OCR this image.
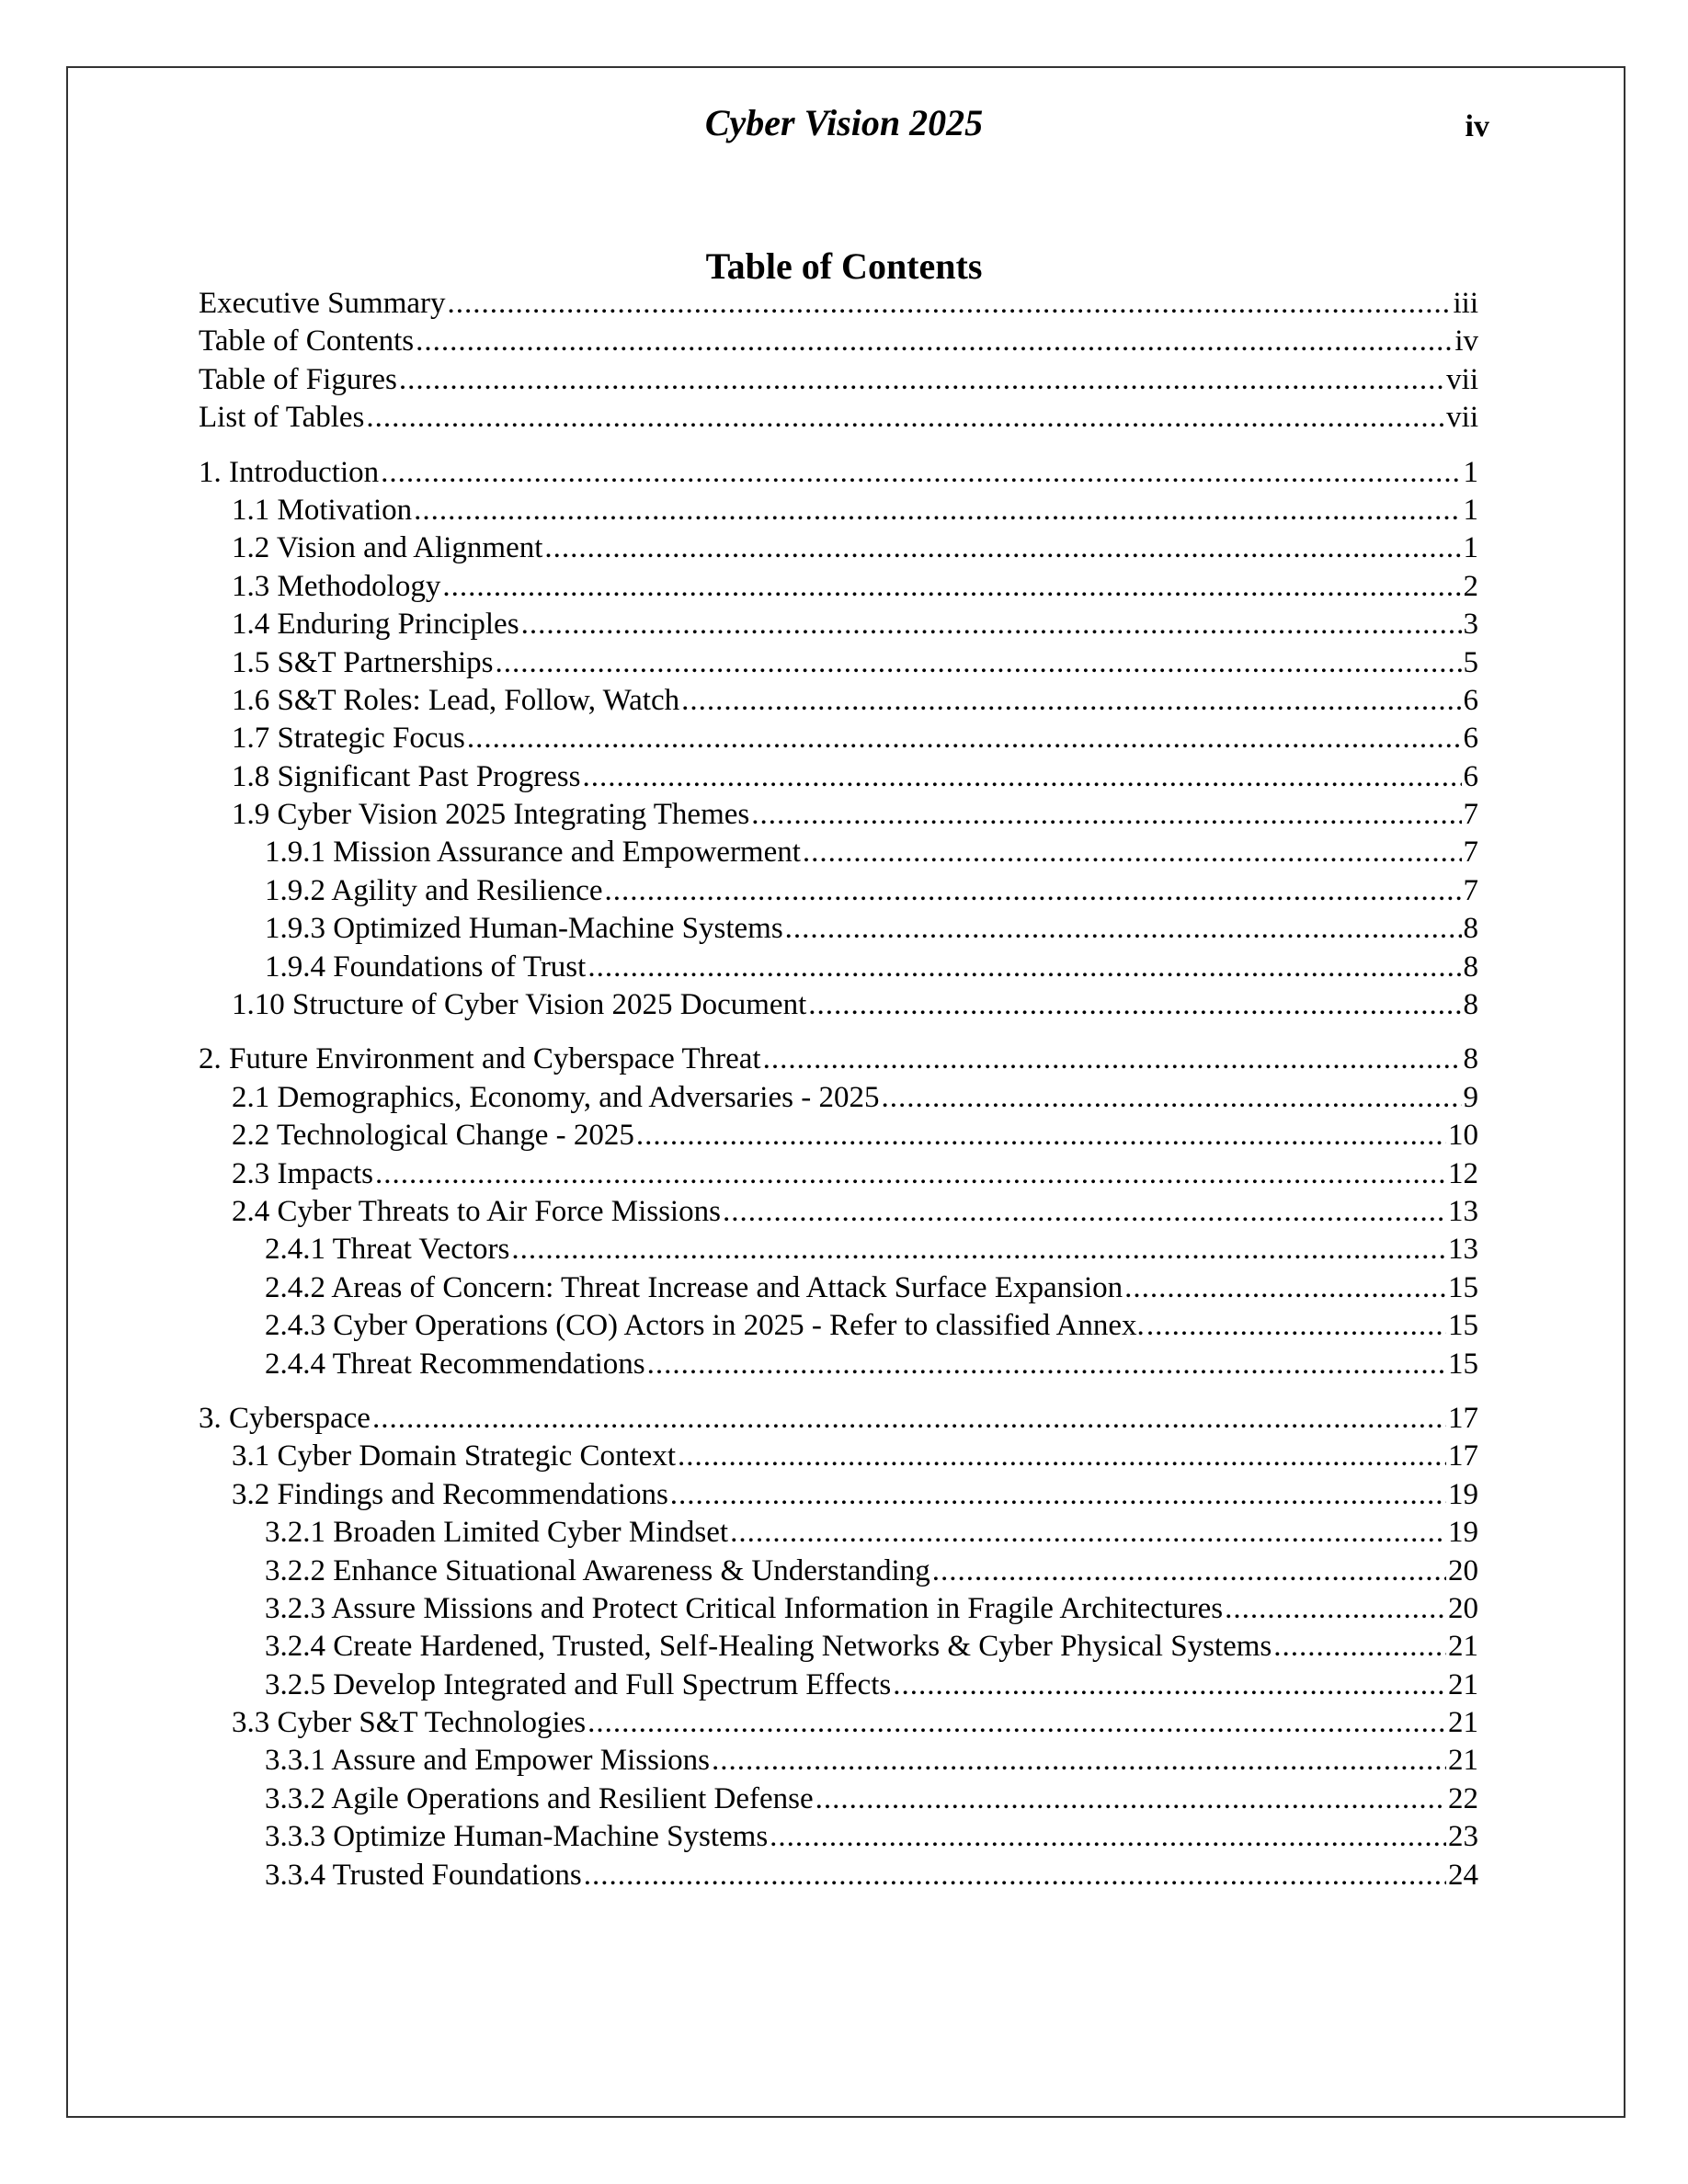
Cyber Vision 2025	iv
Table of Contents
Executive Summary .....	iii
Table of Contents .....	iv
Table of Figures .....	vii
List of Tables .....	vii
1. Introduction .....	1
1.1 Motivation .....	1
1.2 Vision and Alignment .....	1
1.3 Methodology .....	2
1.4 Enduring Principles .....	3
1.5 S&T Partnerships .....	5
1.6 S&T Roles: Lead, Follow, Watch .....	6
1.7 Strategic Focus .....	6
1.8 Significant Past Progress .....	6
1.9 Cyber Vision 2025 Integrating Themes .....	7
1.9.1 Mission Assurance and Empowerment .....	7
1.9.2 Agility and Resilience .....	7
1.9.3 Optimized Human-Machine Systems .....	8
1.9.4 Foundations of Trust .....	8
1.10 Structure of Cyber Vision 2025 Document .....	8
2. Future Environment and Cyberspace Threat .....	8
2.1 Demographics, Economy, and Adversaries - 2025 .....	9
2.2 Technological Change - 2025 .....	10
2.3 Impacts .....	12
2.4 Cyber Threats to Air Force Missions .....	13
2.4.1 Threat Vectors .....	13
2.4.2 Areas of Concern: Threat Increase and Attack Surface Expansion .....	15
2.4.3 Cyber Operations (CO) Actors in 2025 - Refer to classified Annex. .....	15
2.4.4 Threat Recommendations .....	15
3. Cyberspace .....	17
3.1 Cyber Domain Strategic Context .....	17
3.2 Findings and Recommendations .....	19
3.2.1 Broaden Limited Cyber Mindset .....	19
3.2.2 Enhance Situational Awareness & Understanding .....	20
3.2.3 Assure Missions and Protect Critical Information in Fragile Architectures .....	20
3.2.4 Create Hardened, Trusted, Self-Healing Networks & Cyber Physical Systems .....	21
3.2.5 Develop Integrated and Full Spectrum Effects .....	21
3.3 Cyber S&T Technologies .....	21
3.3.1 Assure and Empower Missions .....	21
3.3.2 Agile Operations and Resilient Defense .....	22
3.3.3 Optimize Human-Machine Systems .....	23
3.3.4 Trusted Foundations .....	24
